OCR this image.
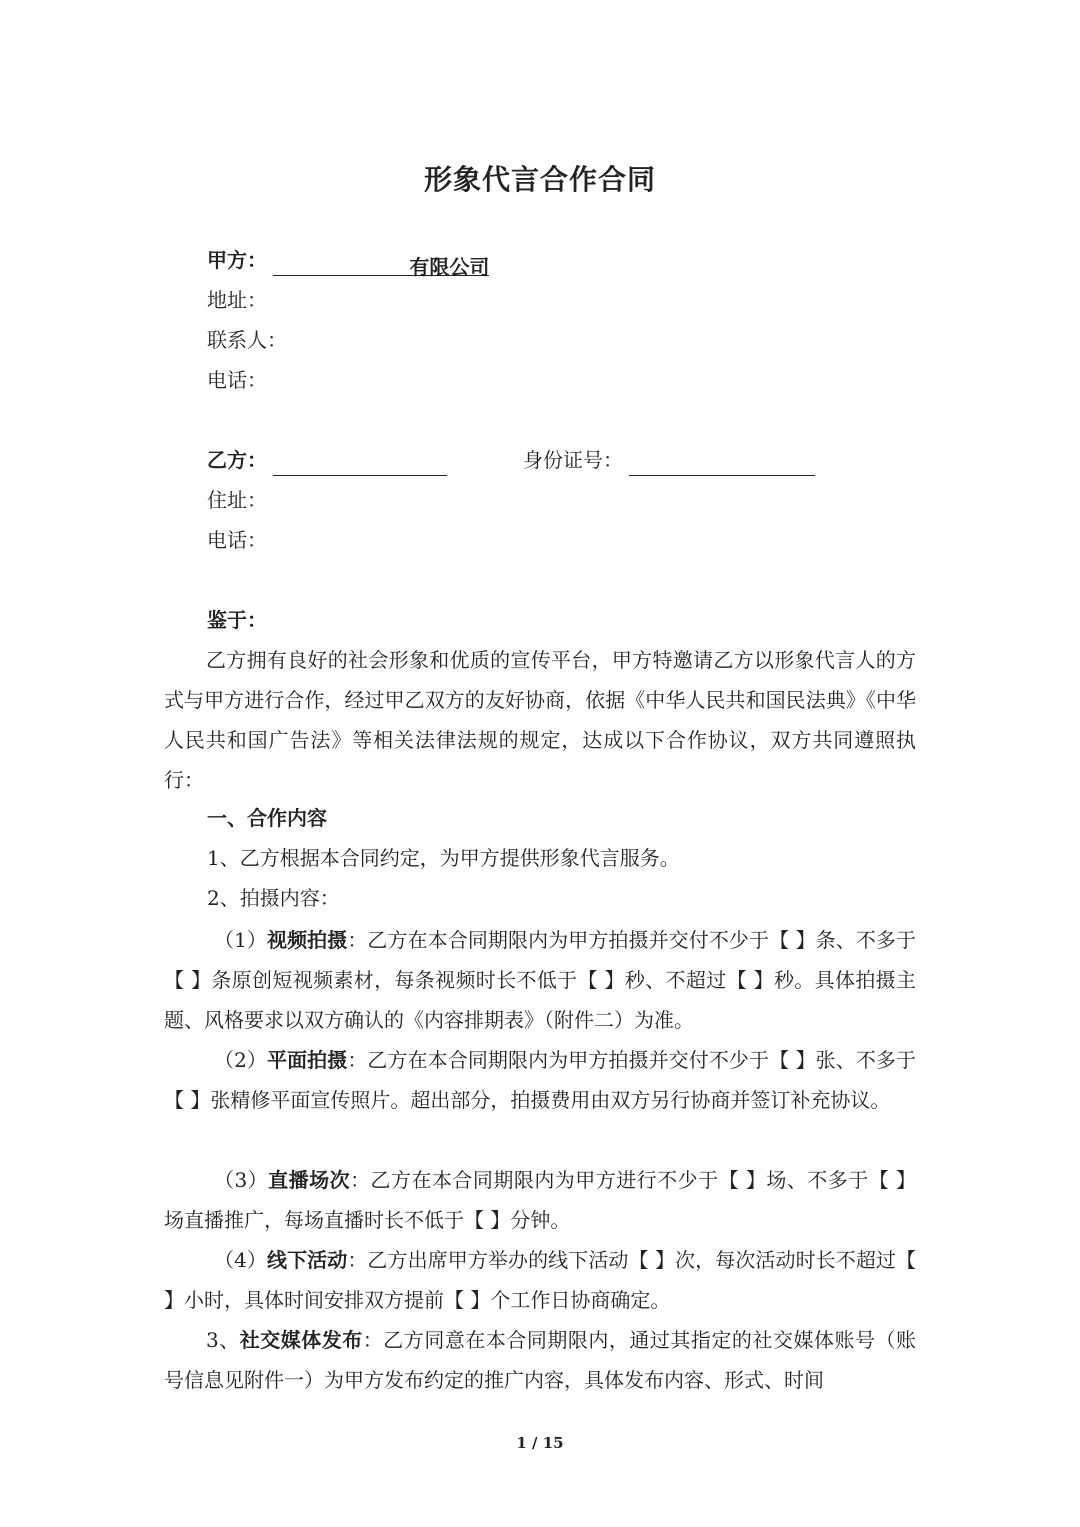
形象代言合作合同
甲方：	有限公司
地址：
联系人：
电话：
乙方：	身份证号：
住址：
电话：
鉴于：
乙方拥有良好的社会形象和优质的宣传平台，甲方特邀请乙方以形象代言人的方式与甲方进行合作，经过甲乙双方的友好协商，依据《中华人民共和国民法典》《中华人民共和国广告法》等相关法律法规的规定，达成以下合作协议，双方共同遵照执行：
一、合作内容
1、乙方根据本合同约定，为甲方提供形象代言服务。
2、拍摄内容：
（1）视频拍摄：乙方在本合同期限内为甲方拍摄并交付不少于【 】条、不多于【 】条原创短视频素材，每条视频时长不低于【 】秒、不超过【 】秒。具体拍摄主题、风格要求以双方确认的《内容排期表》（附件二）为准。
（2）平面拍摄：乙方在本合同期限内为甲方拍摄并交付不少于【 】张、不多于【 】张精修平面宣传照片。超出部分，拍摄费用由双方另行协商并签订补充协议。
（3）直播场次：乙方在本合同期限内为甲方进行不少于【 】场、不多于【 】场直播推广，每场直播时长不低于【 】分钟。
（4）线下活动：乙方出席甲方举办的线下活动【 】次，每次活动时长不超过【 】小时，具体时间安排双方提前【 】个工作日协商确定。
3、社交媒体发布：乙方同意在本合同期限内，通过其指定的社交媒体账号（账号信息见附件一）为甲方发布约定的推广内容，具体发布内容、形式、时间
1 / 15
